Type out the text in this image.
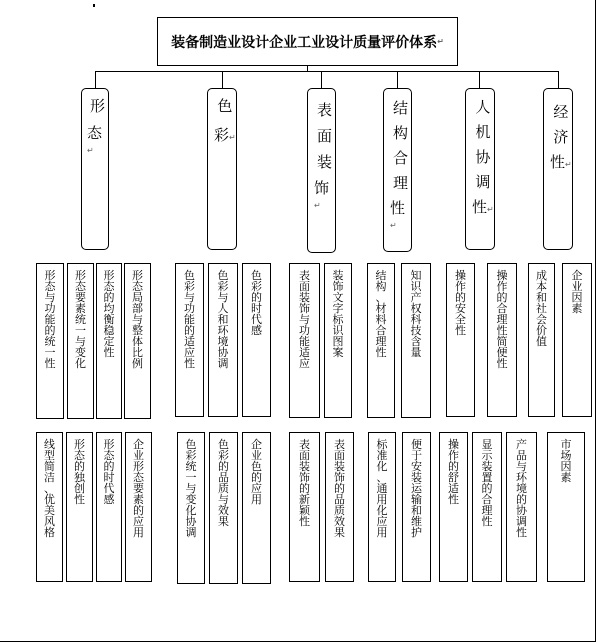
装备制造业设计企业工业设计质量评价体系 ↵
形
态↵
色
彩↵
表
面
装
饰↵
结
构
合
理
性↵
人
机
协
调
性↵
经
济
性↵
形
态
与
功
能
的
统
一
性
形
态
要
素
统
一
与
变
化
形
态
的
均
衡
稳
定
性
形
态
局
部
与
整
体
比
例
色
彩
与
功
能
的
适
应
性
色
彩
与
人
和
环
境
协
调
色
彩
的
时
代
感
表
面
装
饰
与
功
能
适
应
装
饰
文
字
标
识
图
案
结
构
、
材
料
合
理
性
知
识
产
权
科
技
含
量
操
作
的
安
全
性
操
作
的
合
理
性
简
便
性
成
本
和
社
会
价
值
企
业
因
素
线
型
简
洁
、
优
美
风
格
形
态
的
独
创
性
形
态
的
时
代
感
企
业
形
态
要
素
的
应
用
色
彩
统
一
与
变
化
协
调
色
彩
的
品
质
与
效
果
企
业
色
的
应
用
表
面
装
饰
的
新
颖
性
表
面
装
饰
的
品
质
效
果
标
准
化
、
通
用
化
应
用
便
于
安
装
运
输
和
维
护
操
作
的
舒
适
性
显
示
装
置
的
合
理
性
产
品
与
环
境
的
协
调
性
市
场
因
素
